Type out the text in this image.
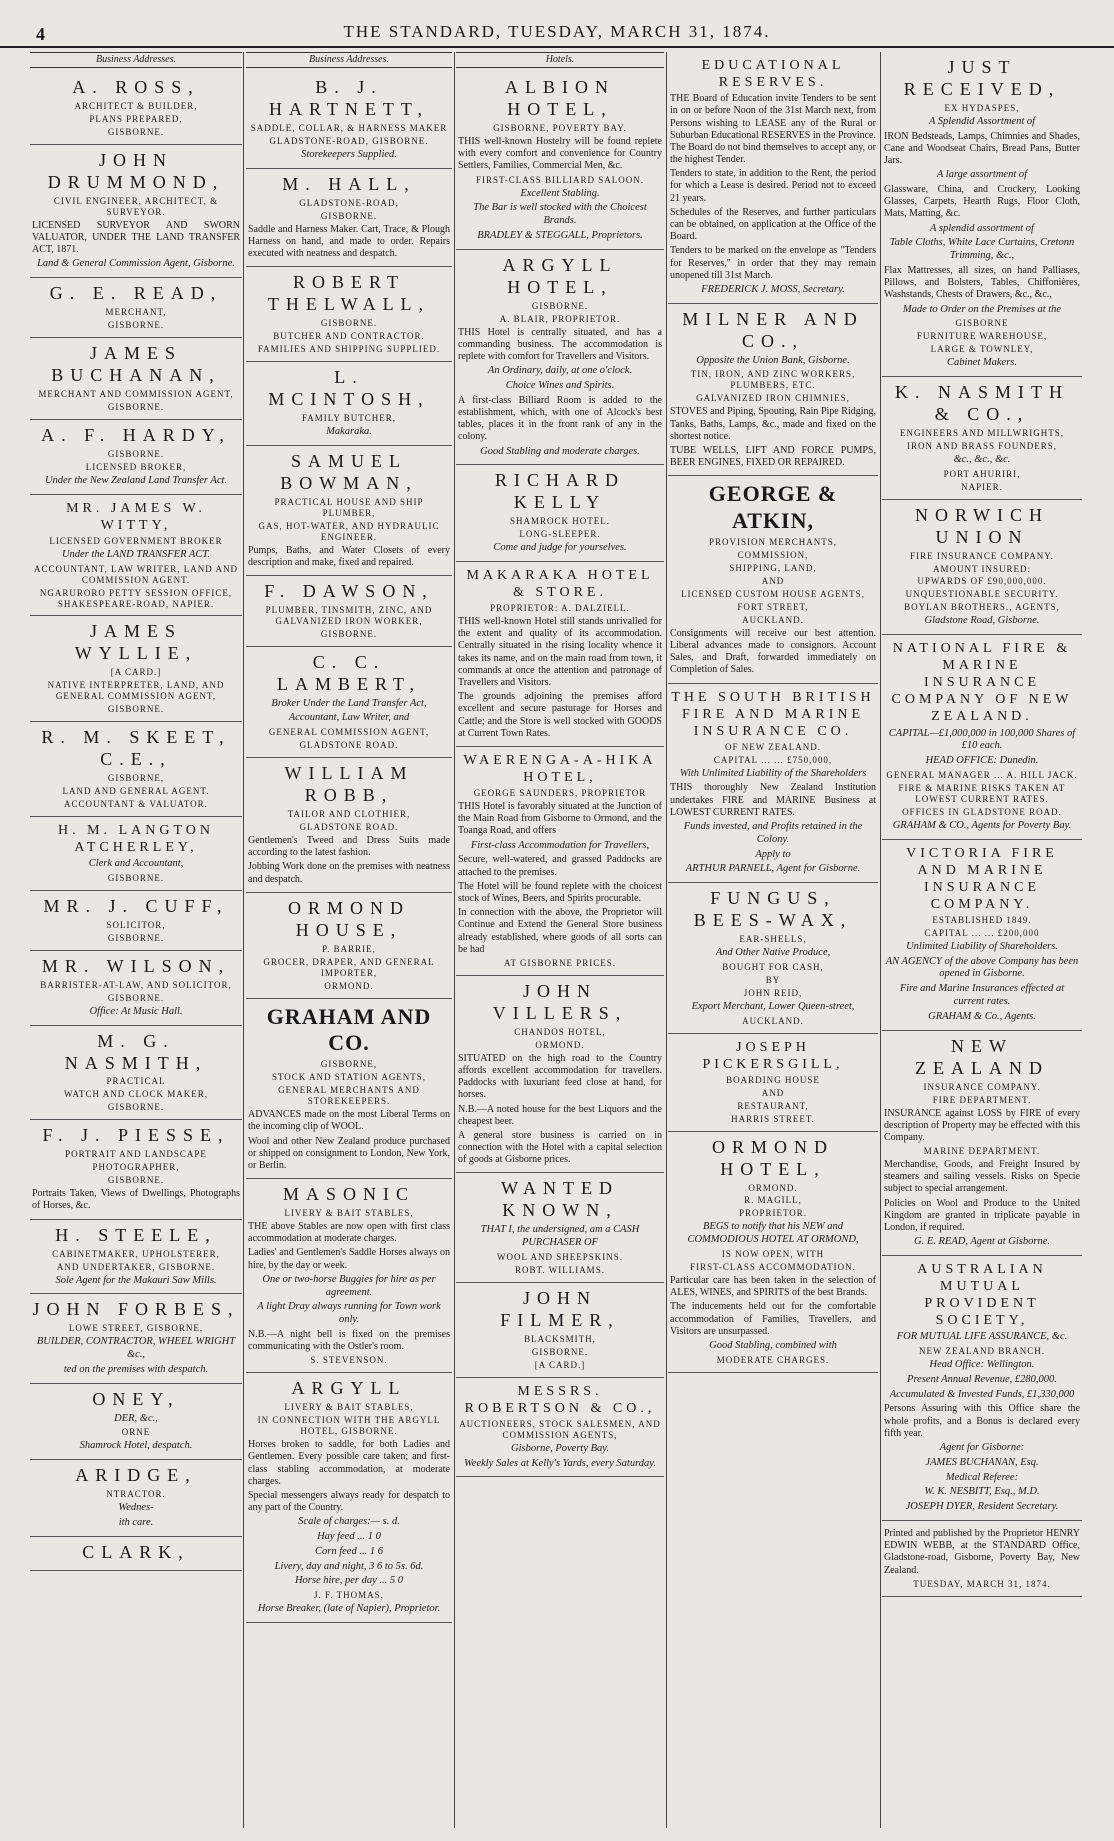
4	THE STANDARD, TUESDAY, MARCH 31, 1874.
Business Addresses.
A. ROSS,
ARCHITECT & BUILDER,
PLANS PREPARED,
GISBORNE.
JOHN DRUMMOND,
CIVIL ENGINEER, ARCHITECT, & SURVEYOR.
LICENSED SURVEYOR AND SWORN VALUATOR, UNDER THE LAND TRANSFER ACT, 1871.
Land & General Commission Agent, Gisborne.
G. E. READ,
MERCHANT,
GISBORNE.
JAMES BUCHANAN,
MERCHANT AND COMMISSION AGENT,
GISBORNE.
A. F. HARDY,
GISBORNE.
LICENSED BROKER,
Under the New Zealand Land Transfer Act.
MR. JAMES W. WITTY,
LICENSED GOVERNMENT BROKER
Under the LAND TRANSFER ACT.
ACCOUNTANT, LAW WRITER, LAND AND COMMISSION AGENT.
NGARURORO PETTY SESSION OFFICE, SHAKESPEARE-ROAD, NAPIER.
JAMES WYLLIE,
[A CARD.]
NATIVE INTERPRETER, LAND, AND GENERAL COMMISSION AGENT,
GISBORNE.
R. M. SKEET, C.E.,
GISBORNE,
LAND AND GENERAL AGENT.
ACCOUNTANT & VALUATOR.
H. M. LANGTON ATCHERLEY,
Clerk and Accountant,
GISBORNE.
MR. J. CUFF,
SOLICITOR,
GISBORNE.
MR. WILSON,
BARRISTER-AT-LAW, AND SOLICITOR,
GISBORNE.
Office: At Music Hall.
M. G. NASMITH,
PRACTICAL
WATCH AND CLOCK MAKER,
GISBORNE.
F. J. PIESSE,
PORTRAIT AND LANDSCAPE
PHOTOGRAPHER,
GISBORNE.
Portraits Taken, Views of Dwellings, Photographs of Horses, &c.
H. STEELE,
CABINETMAKER, UPHOLSTERER,
AND UNDERTAKER, GISBORNE.
Sole Agent for the Makauri Saw Mills.
JOHN FORBES,
LOWE STREET, GISBORNE,
BUILDER, CONTRACTOR, WHEEL WRIGHT &c.,
ted on the premises with despatch.
ONEY,
DER, &c.,
ORNE
Shamrock Hotel, despatch.
ARIDGE,
NTRACTOR.
Wednes-
ith care.
CLARK,
Business Addresses.
B. J. HARTNETT,
SADDLE, COLLAR, & HARNESS MAKER
GLADSTONE-ROAD, GISBORNE.
Storekeepers Supplied.
M. HALL,
GLADSTONE-ROAD,
GISBORNE.
Saddle and Harness Maker. Cart, Trace, & Plough Harness on hand, and made to order. Repairs executed with neatness and despatch.
ROBERT THELWALL,
GISBORNE.
BUTCHER AND CONTRACTOR.
FAMILIES AND SHIPPING SUPPLIED.
L. MCINTOSH,
FAMILY BUTCHER,
Makaraka.
SAMUEL BOWMAN,
PRACTICAL HOUSE AND SHIP PLUMBER,
GAS, HOT-WATER, AND HYDRAULIC ENGINEER.
Pumps, Baths, and Water Closets of every description and make, fixed and repaired.
F. DAWSON,
PLUMBER, TINSMITH, ZINC, AND GALVANIZED IRON WORKER,
GISBORNE.
C. C. LAMBERT,
Broker Under the Land Transfer Act,
Accountant, Law Writer, and
GENERAL COMMISSION AGENT,
GLADSTONE ROAD.
WILLIAM ROBB,
TAILOR AND CLOTHIER,
GLADSTONE ROAD.
Gentlemen's Tweed and Dress Suits made according to the latest fashion.
Jobbing Work done on the premises with neatness and despatch.
ORMOND HOUSE,
P. BARRIE,
GROCER, DRAPER, AND GENERAL IMPORTER,
ORMOND.
GRAHAM AND CO.
GISBORNE,
STOCK AND STATION AGENTS,
GENERAL MERCHANTS AND STOREKEEPERS.
ADVANCES made on the most Liberal Terms on the incoming clip of WOOL.
Wool and other New Zealand produce purchased or shipped on consignment to London, New York, or Berlin.
MASONIC
LIVERY & BAIT STABLES,
THE above Stables are now open with first class accommodation at moderate charges.
Ladies' and Gentlemen's Saddle Horses always on hire, by the day or week.
One or two-horse Buggies for hire as per agreement.
A light Dray always running for Town work only.
N.B.—A night bell is fixed on the premises communicating with the Ostler's room.
S. STEVENSON.
ARGYLL
LIVERY & BAIT STABLES,
IN CONNECTION WITH THE ARGYLL HOTEL, GISBORNE.
Horses broken to saddle, for both Ladies and Gentlemen. Every possible care taken; and first-class stabling accommodation, at moderate charges.
Special messengers always ready for despatch to any part of the Country.
Scale of charges:— s. d.
Hay feed ... 1 0
Corn feed ... 1 6
Livery, day and night, 3 6 to 5s. 6d.
Horse hire, per day ... 5 0
J. F. THOMAS,
Horse Breaker, (late of Napier), Proprietor.
Hotels.
ALBION HOTEL,
GISBORNE, POVERTY BAY.
THIS well-known Hostelry will be found replete with every comfort and convenience for Country Settlers, Families, Commercial Men, &c.
FIRST-CLASS BILLIARD SALOON.
Excellent Stabling.
The Bar is well stocked with the Choicest Brands.
BRADLEY & STEGGALL, Proprietors.
ARGYLL HOTEL,
GISBORNE.
A. BLAIR, PROPRIETOR.
THIS Hotel is centrally situated, and has a commanding business. The accommodation is replete with comfort for Travellers and Visitors.
An Ordinary, daily, at one o'clock.
Choice Wines and Spirits.
A first-class Billiard Room is added to the establishment, which, with one of Alcock's best tables, places it in the front rank of any in the colony.
Good Stabling and moderate charges.
RICHARD KELLY
SHAMROCK HOTEL.
LONG-SLEEPER.
Come and judge for yourselves.
MAKARAKA HOTEL & STORE.
PROPRIETOR: A. DALZIELL.
THIS well-known Hotel still stands unrivalled for the extent and quality of its accommodation. Centrally situated in the rising locality whence it takes its name, and on the main road from town, it commands at once the attention and patronage of Travellers and Visitors.
The grounds adjoining the premises afford excellent and secure pasturage for Horses and Cattle; and the Store is well stocked with GOODS at Current Town Rates.
WAERENGA-A-HIKA HOTEL,
GEORGE SAUNDERS, PROPRIETOR
THIS Hotel is favorably situated at the Junction of the Main Road from Gisborne to Ormond, and the Toanga Road, and offers
First-class Accommodation for Travellers,
Secure, well-watered, and grassed Paddocks are attached to the premises.
The Hotel will be found replete with the choicest stock of Wines, Beers, and Spirits procurable.
In connection with the above, the Proprietor will Continue and Extend the General Store business already established, where goods of all sorts can be had
AT GISBORNE PRICES.
JOHN VILLERS,
CHANDOS HOTEL,
ORMOND.
SITUATED on the high road to the Country affords excellent accommodation for travellers. Paddocks with luxuriant feed close at hand, for horses.
N.B.—A noted house for the best Liquors and the cheapest beer.
A general store business is carried on in connection with the Hotel with a capital selection of goods at Gisborne prices.
WANTED KNOWN,
THAT I, the undersigned, am a CASH PURCHASER OF
WOOL AND SHEEPSKINS.
ROBT. WILLIAMS.
JOHN FILMER,
BLACKSMITH,
GISBORNE.
[A CARD.]
MESSRS. ROBERTSON & CO.,
AUCTIONEERS, STOCK SALESMEN, AND COMMISSION AGENTS,
Gisborne, Poverty Bay.
Weekly Sales at Kelly's Yards, every Saturday.
EDUCATIONAL RESERVES.
THE Board of Education invite Tenders to be sent in on or before Noon of the 31st March next, from Persons wishing to LEASE any of the Rural or Suburban Educational RESERVES in the Province. The Board do not bind themselves to accept any, or the highest Tender.
Tenders to state, in addition to the Rent, the period for which a Lease is desired. Period not to exceed 21 years.
Schedules of the Reserves, and further particulars can be obtained, on application at the Office of the Board.
Tenders to be marked on the envelope as "Tenders for Reserves," in order that they may remain unopened till 31st March.
FREDERICK J. MOSS, Secretary.
MILNER AND CO.,
Opposite the Union Bank, Gisborne.
TIN, IRON, AND ZINC WORKERS, PLUMBERS, ETC.
GALVANIZED IRON CHIMNIES,
STOVES and Piping, Spouting, Rain Pipe Ridging, Tanks, Baths, Lamps, &c., made and fixed on the shortest notice.
TUBE WELLS, LIFT AND FORCE PUMPS, BEER ENGINES, FIXED OR REPAIRED.
GEORGE & ATKIN,
PROVISION MERCHANTS,
COMMISSION,
SHIPPING, LAND,
AND
LICENSED CUSTOM HOUSE AGENTS,
FORT STREET,
AUCKLAND.
Consignments will receive our best attention. Liberal advances made to consignors. Account Sales, and Draft, forwarded immediately on Completion of Sales.
THE SOUTH BRITISH FIRE AND MARINE INSURANCE CO.
OF NEW ZEALAND.
CAPITAL ... ... £750,000,
With Unlimited Liability of the Shareholders
THIS thoroughly New Zealand Institution undertakes FIRE and MARINE Business at LOWEST CURRENT RATES.
Funds invested, and Profits retained in the Colony.
Apply to
ARTHUR PARNELL, Agent for Gisborne.
FUNGUS, BEES-WAX,
EAR-SHELLS,
And Other Native Produce,
BOUGHT FOR CASH,
BY
JOHN REID,
Export Merchant, Lower Queen-street,
AUCKLAND.
JOSEPH PICKERSGILL,
BOARDING HOUSE
AND
RESTAURANT,
HARRIS STREET.
ORMOND HOTEL,
ORMOND.
R. MAGILL,
PROPRIETOR.
BEGS to notify that his NEW and COMMODIOUS HOTEL AT ORMOND,
IS NOW OPEN, WITH
FIRST-CLASS ACCOMMODATION.
Particular care has been taken in the selection of ALES, WINES, and SPIRITS of the best Brands.
The inducements held out for the comfortable accommodation of Families, Travellers, and Visitors are unsurpassed.
Good Stabling, combined with
MODERATE CHARGES.
JUST RECEIVED,
EX HYDASPES,
A Splendid Assortment of
IRON Bedsteads, Lamps, Chimnies and Shades, Cane and Woodseat Chairs, Bread Pans, Butter Jars.
A large assortment of
Glassware, China, and Crockery, Looking Glasses, Carpets, Hearth Rugs, Floor Cloth, Mats, Matting, &c.
A splendid assortment of
Table Cloths, White Lace Curtains, Cretonn Trimming, &c.,
Flax Mattresses, all sizes, on hand Palliases, Pillows, and Bolsters, Tables, Chiffonières, Washstands, Chests of Drawers, &c., &c.,
Made to Order on the Premises at the
GISBORNE
FURNITURE WAREHOUSE,
LARGE & TOWNLEY,
Cabinet Makers.
K. NASMITH & CO.,
ENGINEERS AND MILLWRIGHTS,
IRON AND BRASS FOUNDERS,
&c., &c., &c.
PORT AHURIRI,
NAPIER.
NORWICH UNION
FIRE INSURANCE COMPANY.
AMOUNT INSURED:
UPWARDS OF £90,000,000.
UNQUESTIONABLE SECURITY.
BOYLAN BROTHERS., AGENTS,
Gladstone Road, Gisborne.
NATIONAL FIRE & MARINE INSURANCE COMPANY OF NEW ZEALAND.
CAPITAL—£1,000,000 in 100,000 Shares of £10 each.
HEAD OFFICE: Dunedin.
GENERAL MANAGER ... A. HILL JACK.
FIRE & MARINE RISKS TAKEN AT LOWEST CURRENT RATES.
OFFICES IN GLADSTONE ROAD.
GRAHAM & CO., Agents for Poverty Bay.
VICTORIA FIRE AND MARINE INSURANCE COMPANY.
ESTABLISHED 1849.
CAPITAL ... ... £200,000
Unlimited Liability of Shareholders.
AN AGENCY of the above Company has been opened in Gisborne.
Fire and Marine Insurances effected at current rates.
GRAHAM & Co., Agents.
NEW ZEALAND
INSURANCE COMPANY.
FIRE DEPARTMENT.
INSURANCE against LOSS by FIRE of every description of Property may be effected with this Company.
MARINE DEPARTMENT.
Merchandise, Goods, and Freight Insured by steamers and sailing vessels. Risks on Specie subject to special arrangement.
Policies on Wool and Produce to the United Kingdom are granted in triplicate payable in London, if required.
G. E. READ, Agent at Gisborne.
AUSTRALIAN MUTUAL PROVIDENT SOCIETY,
FOR MUTUAL LIFE ASSURANCE, &c.
NEW ZEALAND BRANCH.
Head Office: Wellington.
Present Annual Revenue, £280,000.
Accumulated & Invested Funds, £1,330,000
Persons Assuring with this Office share the whole profits, and a Bonus is declared every fifth year.
Agent for Gisborne:
JAMES BUCHANAN, Esq.
Medical Referee:
W. K. NESBITT, Esq., M.D.
JOSEPH DYER, Resident Secretary.
Printed and published by the Proprietor HENRY EDWIN WEBB, at the STANDARD Office, Gladstone-road, Gisborne, Poverty Bay, New Zealand.
TUESDAY, MARCH 31, 1874.
